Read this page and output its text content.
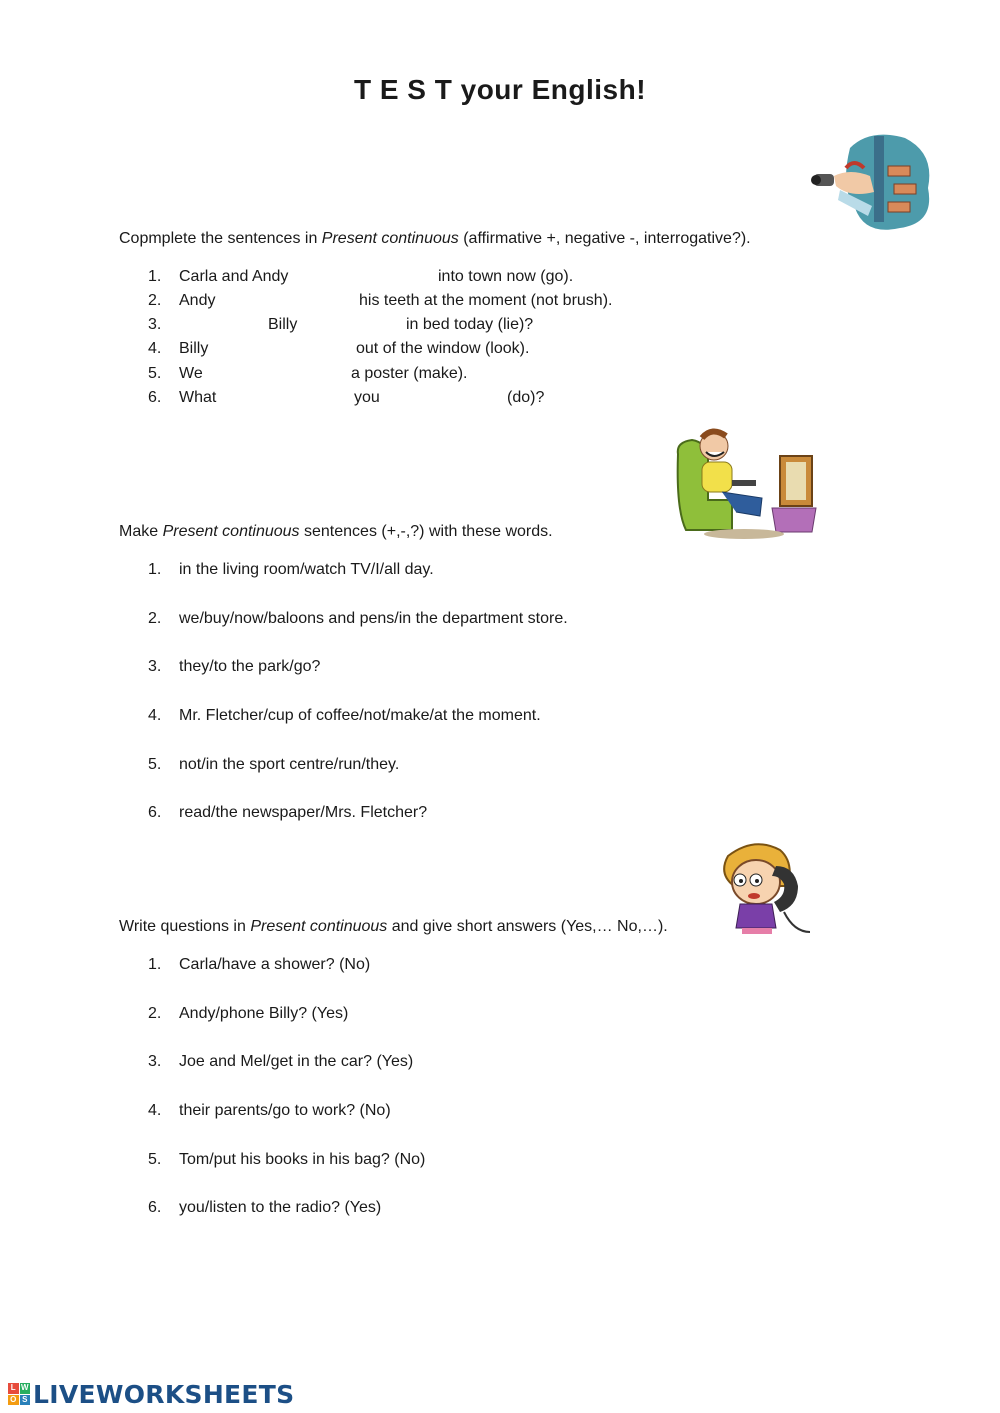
T E S T your English!
Copmplete the sentences in Present continuous (affirmative +, negative -, interrogative?).
1. Carla and Andy	into town now (go).
2. Andy	his teeth at the moment (not brush).
3.	Billy	in bed today (lie)?
4. Billy	out of the window (look).
5. We	a poster (make).
6. What	you	(do)?
Make Present continuous sentences (+,-,?) with these words.
1. in the living room/watch TV/I/all day.
2. we/buy/now/baloons and pens/in the department store.
3. they/to the park/go?
4. Mr. Fletcher/cup of coffee/not/make/at the moment.
5. not/in the sport centre/run/they.
6. read/the newspaper/Mrs. Fletcher?
Write questions in Present continuous and give short answers (Yes,… No,…).
1. Carla/have a shower? (No)
2. Andy/phone Billy? (Yes)
3. Joe and Mel/get in the car? (Yes)
4. their parents/go to work? (No)
5. Tom/put his books in his bag? (No)
6. you/listen to the radio? (Yes)
L W
O S LIVEWORKSHEETS
